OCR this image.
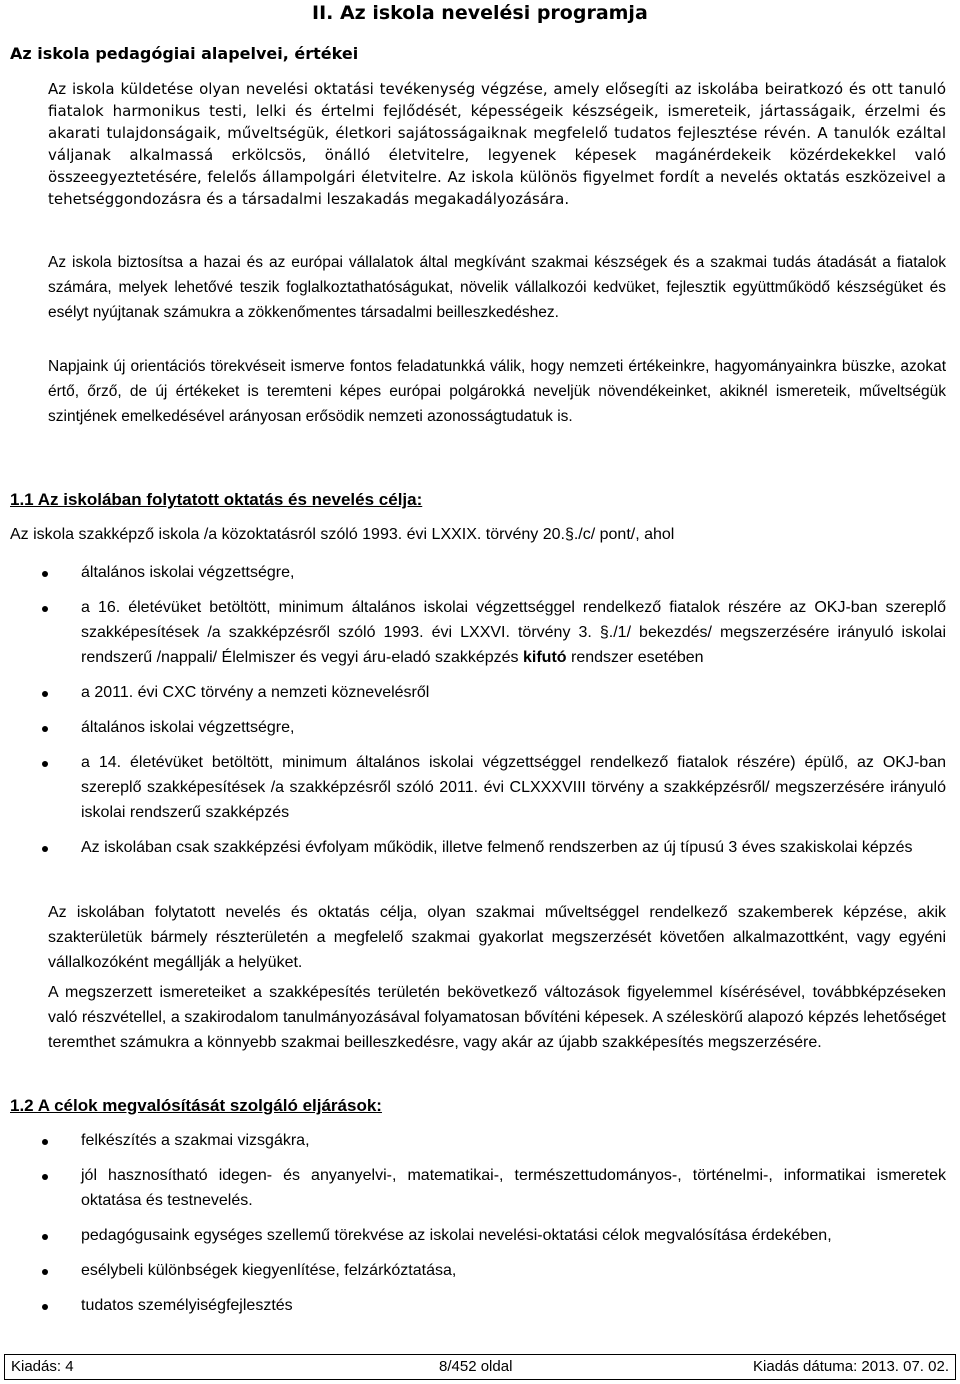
II. Az iskola nevelési programja
Az iskola pedagógiai alapelvei, értékei
Az iskola küldetése olyan nevelési oktatási tevékenység végzése, amely elősegíti az iskolába beiratkozó és ott tanuló fiatalok harmonikus testi, lelki és értelmi fejlődését, képességeik készségeik, ismereteik, jártasságaik, érzelmi és akarati tulajdonságaik, műveltségük, életkori sajátosságaiknak megfelelő tudatos fejlesztése révén. A tanulók ezáltal váljanak alkalmassá erkölcsös, önálló életvitelre, legyenek képesek magánérdekeik közérdekekkel való összeegyeztetésére, felelős állampolgári életvitelre. Az iskola különös figyelmet fordít a nevelés oktatás eszközeivel a tehetséggondozásra és a társadalmi leszakadás megakadályozására.
Az iskola biztosítsa a hazai és az európai vállalatok által megkívánt szakmai készségek és a szakmai tudás átadását a fiatalok számára, melyek lehetővé teszik foglalkoztathatóságukat, növelik vállalkozói kedvüket, fejlesztik együttműködő készségüket és esélyt nyújtanak számukra a zökkenőmentes társadalmi beilleszkedéshez.
Napjaink új orientációs törekvéseit ismerve fontos feladatunkká válik, hogy nemzeti értékeinkre, hagyományainkra büszke, azokat értő, őrző, de új értékeket is teremteni képes európai polgárokká neveljük növendékeinket, akiknél ismereteik, műveltségük szintjének emelkedésével arányosan erősödik nemzeti azonosságtudatuk is.
1.1 Az iskolában folytatott oktatás és nevelés célja:
Az iskola szakképző iskola /a közoktatásról szóló 1993. évi LXXIX. törvény 20.§./c/ pont/, ahol
általános iskolai végzettségre,
a 16. életévüket betöltött, minimum általános iskolai végzettséggel rendelkező fiatalok részére az OKJ-ban szereplő szakképesítések /a szakképzésről szóló 1993. évi LXXVI. törvény 3. §./1/ bekezdés/ megszerzésére irányuló iskolai rendszerű /nappali/ Élelmiszer és vegyi áru-eladó szakképzés kifutó rendszer esetében
a 2011. évi CXC törvény a nemzeti köznevelésről
általános iskolai végzettségre,
a 14. életévüket betöltött, minimum általános iskolai végzettséggel rendelkező fiatalok részére) épülő, az OKJ-ban szereplő szakképesítések /a szakképzésről szóló 2011. évi CLXXXVIII törvény a szakképzésről/ megszerzésére irányuló iskolai rendszerű szakképzés
Az iskolában csak szakképzési évfolyam működik, illetve felmenő rendszerben az új típusú 3 éves szakiskolai képzés
Az iskolában folytatott nevelés és oktatás célja, olyan szakmai műveltséggel rendelkező szakemberek képzése, akik szakterületük bármely részterületén a megfelelő szakmai gyakorlat megszerzését követően alkalmazottként, vagy egyéni vállalkozóként megállják a helyüket.
A megszerzett ismereteiket a szakképesítés területén bekövetkező változások figyelemmel kísérésével, továbbképzéseken való részvétellel, a szakirodalom tanulmányozásával folyamatosan bővíténi képesek. A széleskörű alapozó képzés lehetőséget teremthet számukra a könnyebb szakmai beilleszkedésre, vagy akár az újabb szakképesítés megszerzésére.
1.2 A célok megvalósítását szolgáló eljárások:
felkészítés a szakmai vizsgákra,
jól hasznosítható idegen- és anyanyelvi-, matematikai-, természettudományos-, történelmi-, informatikai ismeretek oktatása és testnevelés.
pedagógusaink egységes szellemű törekvése az iskolai nevelési-oktatási célok megvalósítása érdekében,
esélybeli különbségek kiegyenlítése, felzárkóztatása,
tudatos személyiségfejlesztés
Kiadás: 4	8/452 oldal	Kiadás dátuma: 2013. 07. 02.
